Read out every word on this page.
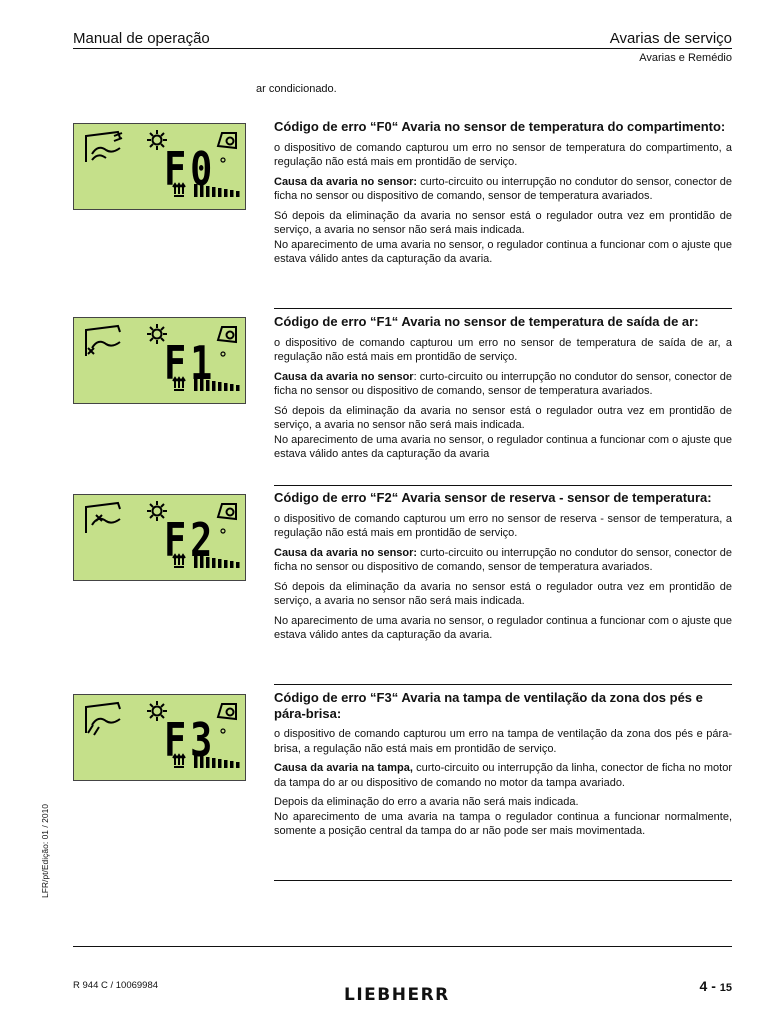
Manual de operação	Avarias de serviço
Avarias e Remédio
ar condicionado.
LFR/pt/Edição: 01 / 2010
F0
F1
F2
F3
Código de erro “F0“ Avaria no sensor de temperatura do compartimento:

o dispositivo de comando capturou um erro no sensor de temperatura do compartimento, a regulação não está mais em prontidão de serviço.

Causa da avaria no sensor: curto-circuito ou interrupção no condutor do sensor, conector de ficha no sensor ou dispositivo de comando, sensor de temperatura avariados.

Só depois da eliminação da avaria no sensor está o regulador outra vez em prontidão de serviço, a avaria no sensor não será mais indicada.
No aparecimento de uma avaria no sensor, o regulador continua a funcionar com o ajuste que estava válido antes da capturação da avaria.

Código de erro “F1“ Avaria no sensor de temperatura de saída de ar:

o dispositivo de comando capturou um erro no sensor de temperatura de saída de ar, a regulação não está mais em prontidão de serviço.

Causa da avaria no sensor: curto-circuito ou interrupção no condutor do sensor, conector de ficha no sensor ou dispositivo de comando, sensor de temperatura avariados.

Só depois da eliminação da avaria no sensor está o regulador outra vez em prontidão de serviço, a avaria no sensor não será mais indicada.
No aparecimento de uma avaria no sensor, o regulador continua a funcionar com o ajuste que estava válido antes da capturação da avaria

Código de erro “F2“ Avaria sensor de reserva - sensor de temperatura:

o dispositivo de comando capturou um erro no sensor de reserva - sensor de temperatura, a regulação não está mais em prontidão de serviço.

Causa da avaria no sensor: curto-circuito ou interrupção no condutor do sensor, conector de ficha no sensor ou dispositivo de comando, sensor de temperatura avariados.

Só depois da eliminação da avaria no sensor está o regulador outra vez em prontidão de serviço, a avaria no sensor não será mais indicada.

No aparecimento de uma avaria no sensor, o regulador continua a funcionar com o ajuste que estava válido antes da capturação da avaria.

Código de erro “F3“ Avaria na tampa de ventilação da zona dos pés e pára-brisa:

o dispositivo de comando capturou um erro na tampa de ventilação da zona dos pés e pára-brisa, a regulação não está mais em prontidão de serviço.

Causa da avaria na tampa, curto-circuito ou interrupção da linha, conector de ficha no motor da tampa do ar ou dispositivo de comando no motor da tampa avariado.

Depois da eliminação do erro a avaria não será mais indicada.
No aparecimento de uma avaria na tampa o regulador continua a funcionar normalmente, somente a posição central da tampa do ar não pode ser mais movimentada.

R 944 C / 10069984	LIEBHERR	4 - 15
